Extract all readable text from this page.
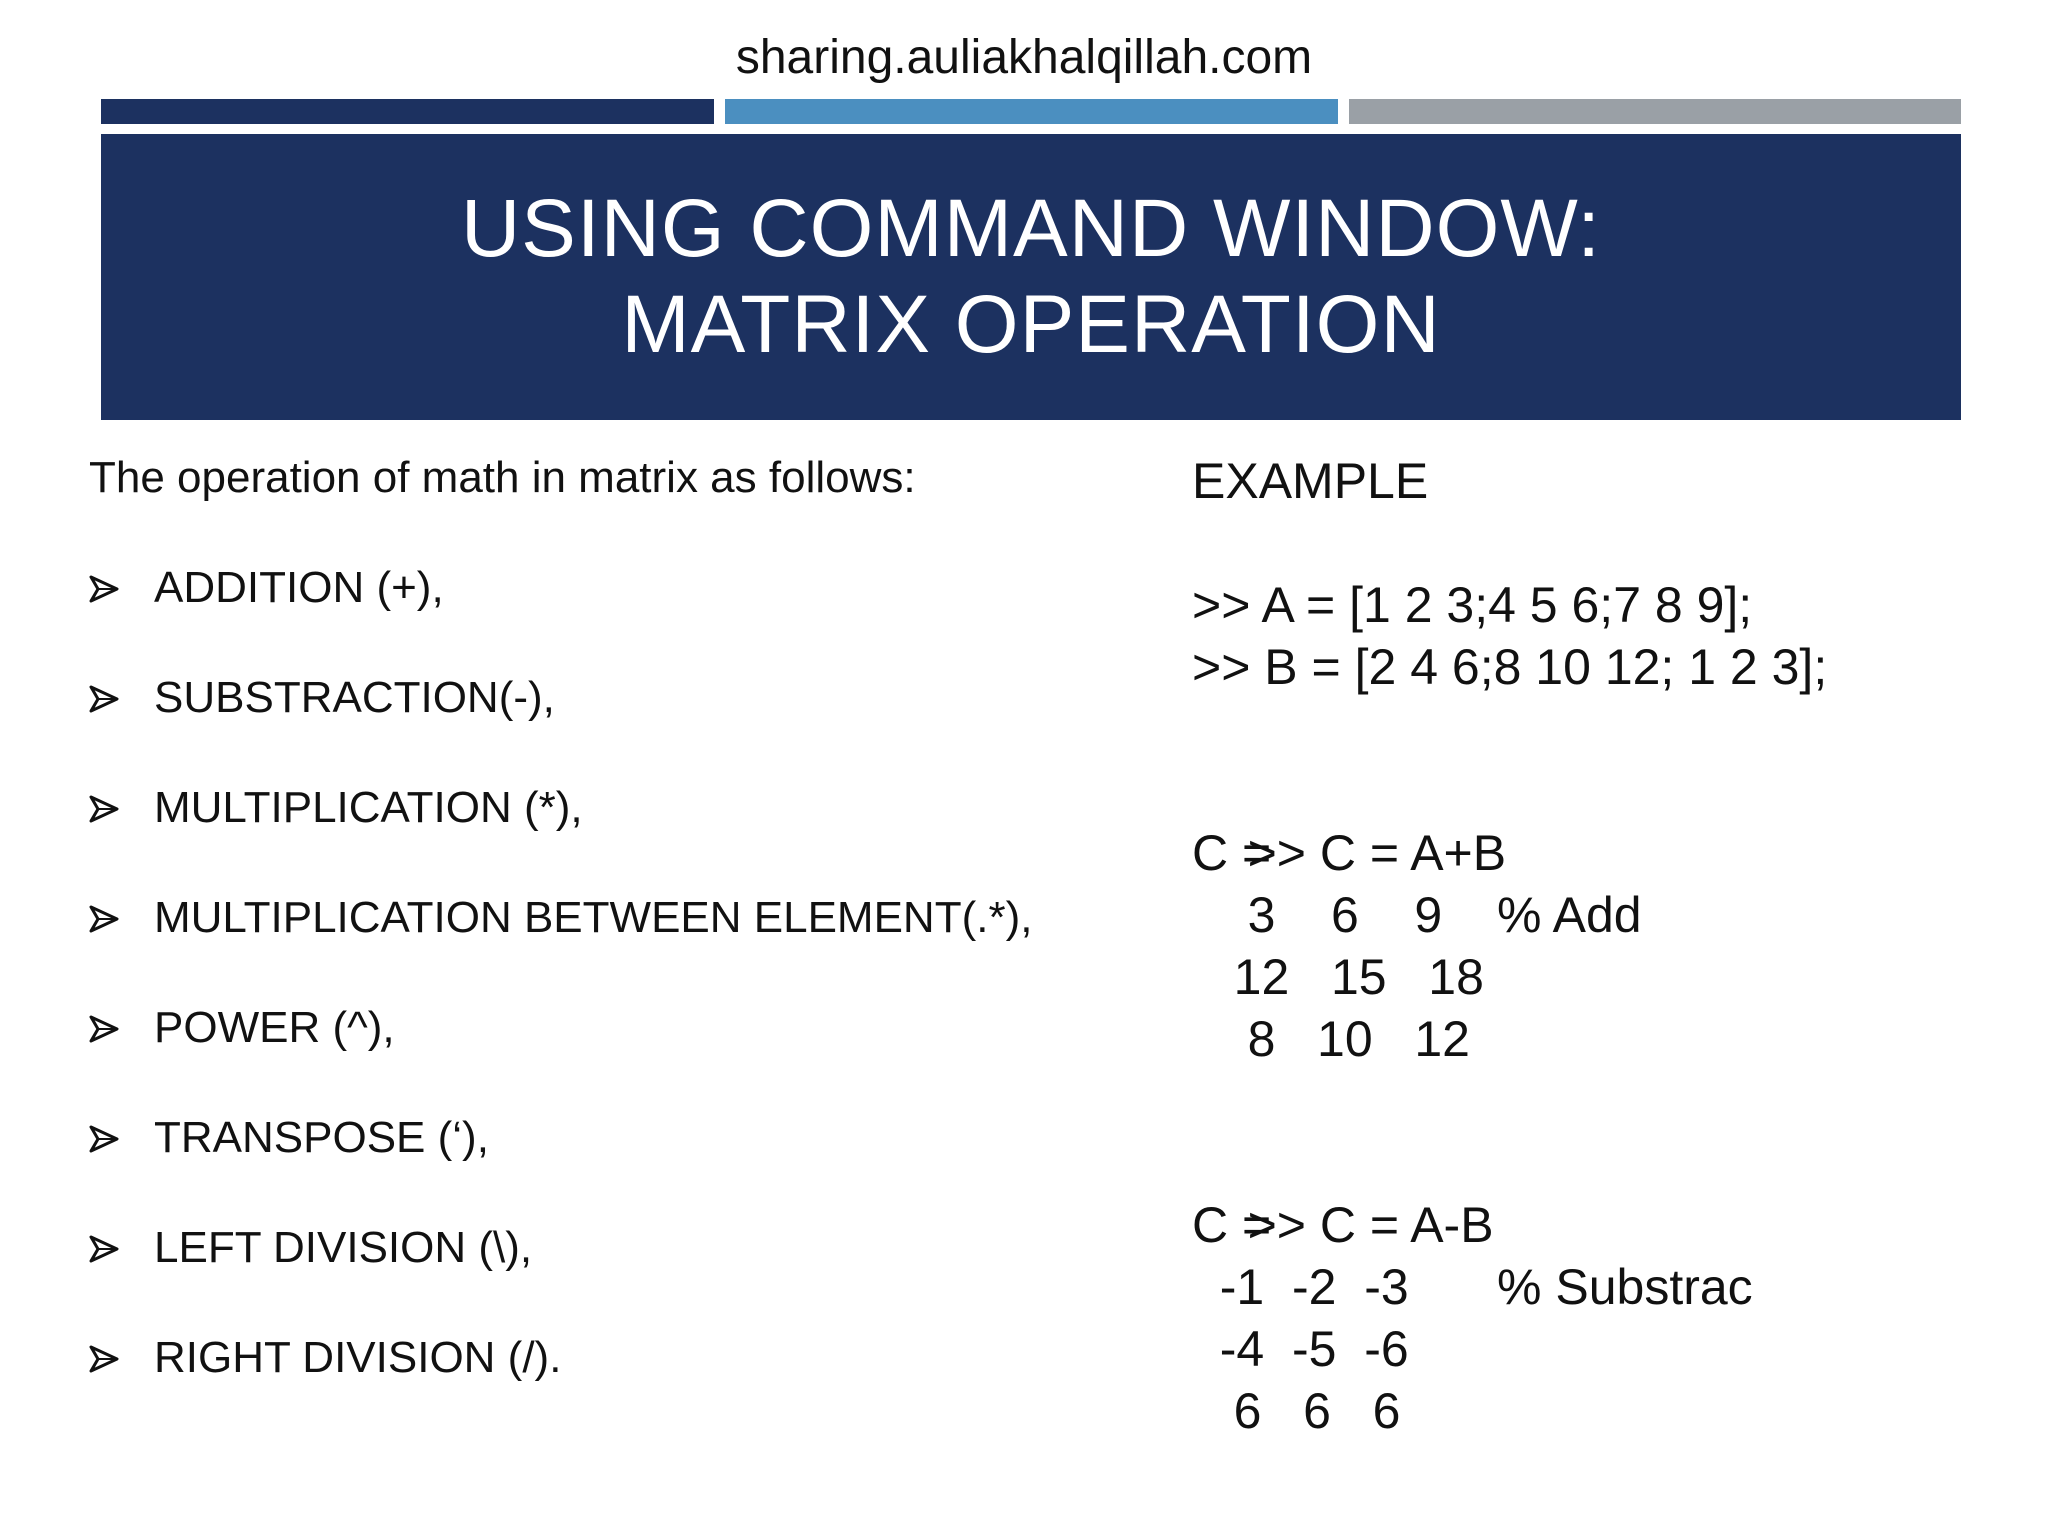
sharing.auliakhalqillah.com
USING COMMAND WINDOW:
MATRIX OPERATION
The operation of math in matrix as follows:
ADDITION (+),
SUBSTRACTION(-),
MULTIPLICATION (*),
MULTIPLICATION BETWEEN ELEMENT(.*),
POWER (^),
TRANSPOSE (‘),
LEFT DIVISION (\),
RIGHT DIVISION (/).
EXAMPLE
>> A = [1 2 3;4 5 6;7 8 9];
>> B = [2 4 6;8 10 12; 1 2 3];

>> C = A+B

% Add

C =
3    6    9
12   15   18
8   10   12

>> C = A-B

% Substrac

C =
-1  -2  -3
-4  -5  -6
6   6   6
